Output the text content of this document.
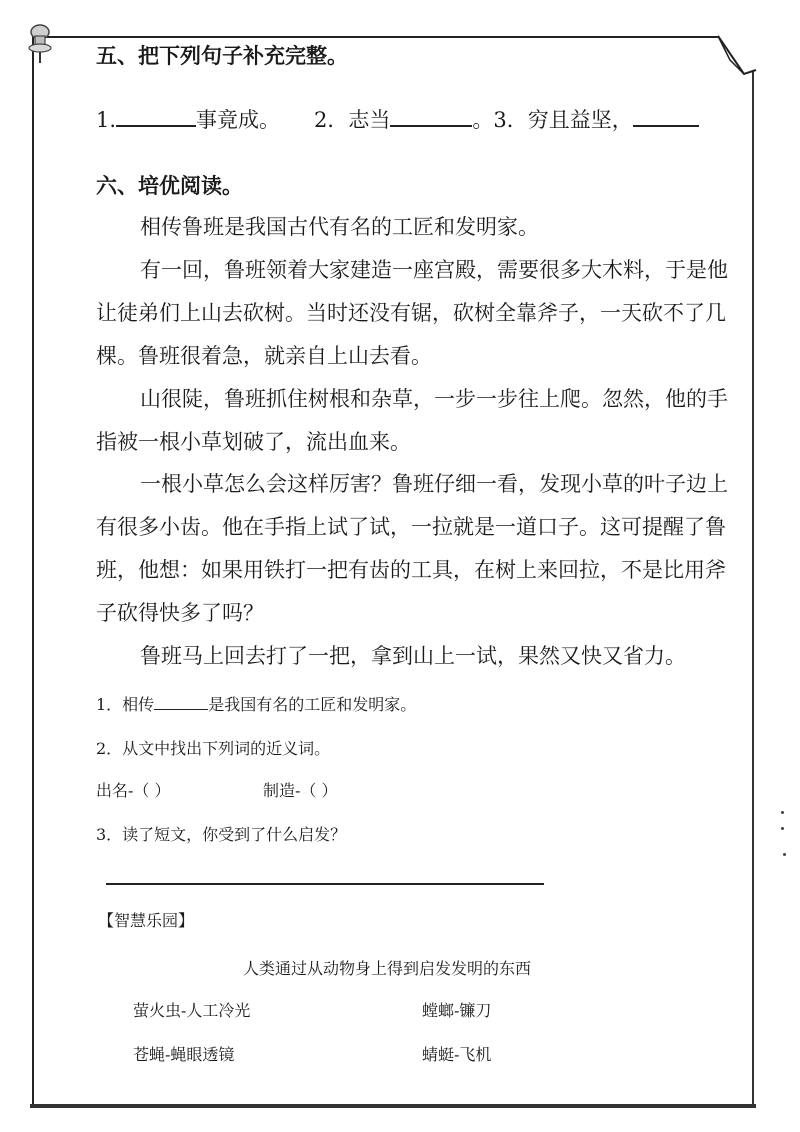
五、把下列句子补充完整。
1.	事竟成。 2．志当	。3．穷且益坚，
六、培优阅读。
相传鲁班是我国古代有名的工匠和发明家。
有一回，鲁班领着大家建造一座宫殿，需要很多大木料，于是他
让徒弟们上山去砍树。当时还没有锯，砍树全靠斧子，一天砍不了几
棵。鲁班很着急，就亲自上山去看。
山很陡，鲁班抓住树根和杂草，一步一步往上爬。忽然，他的手
指被一根小草划破了，流出血来。
一根小草怎么会这样厉害？鲁班仔细一看，发现小草的叶子边上
有很多小齿。他在手指上试了试，一拉就是一道口子。这可提醒了鲁
班，他想：如果用铁打一把有齿的工具，在树上来回拉，不是比用斧
子砍得快多了吗？
鲁班马上回去打了一把，拿到山上一试，果然又快又省力。
1．相传	是我国有名的工匠和发明家。
2．从文中找出下列词的近义词。
出名-（ ）	制造-（ ）
3．读了短文，你受到了什么启发？
【智慧乐园】
人类通过从动物身上得到启发发明的东西
萤火虫-人工冷光	螳螂-镰刀
苍蝇-蝇眼透镜	蜻蜓-飞机
